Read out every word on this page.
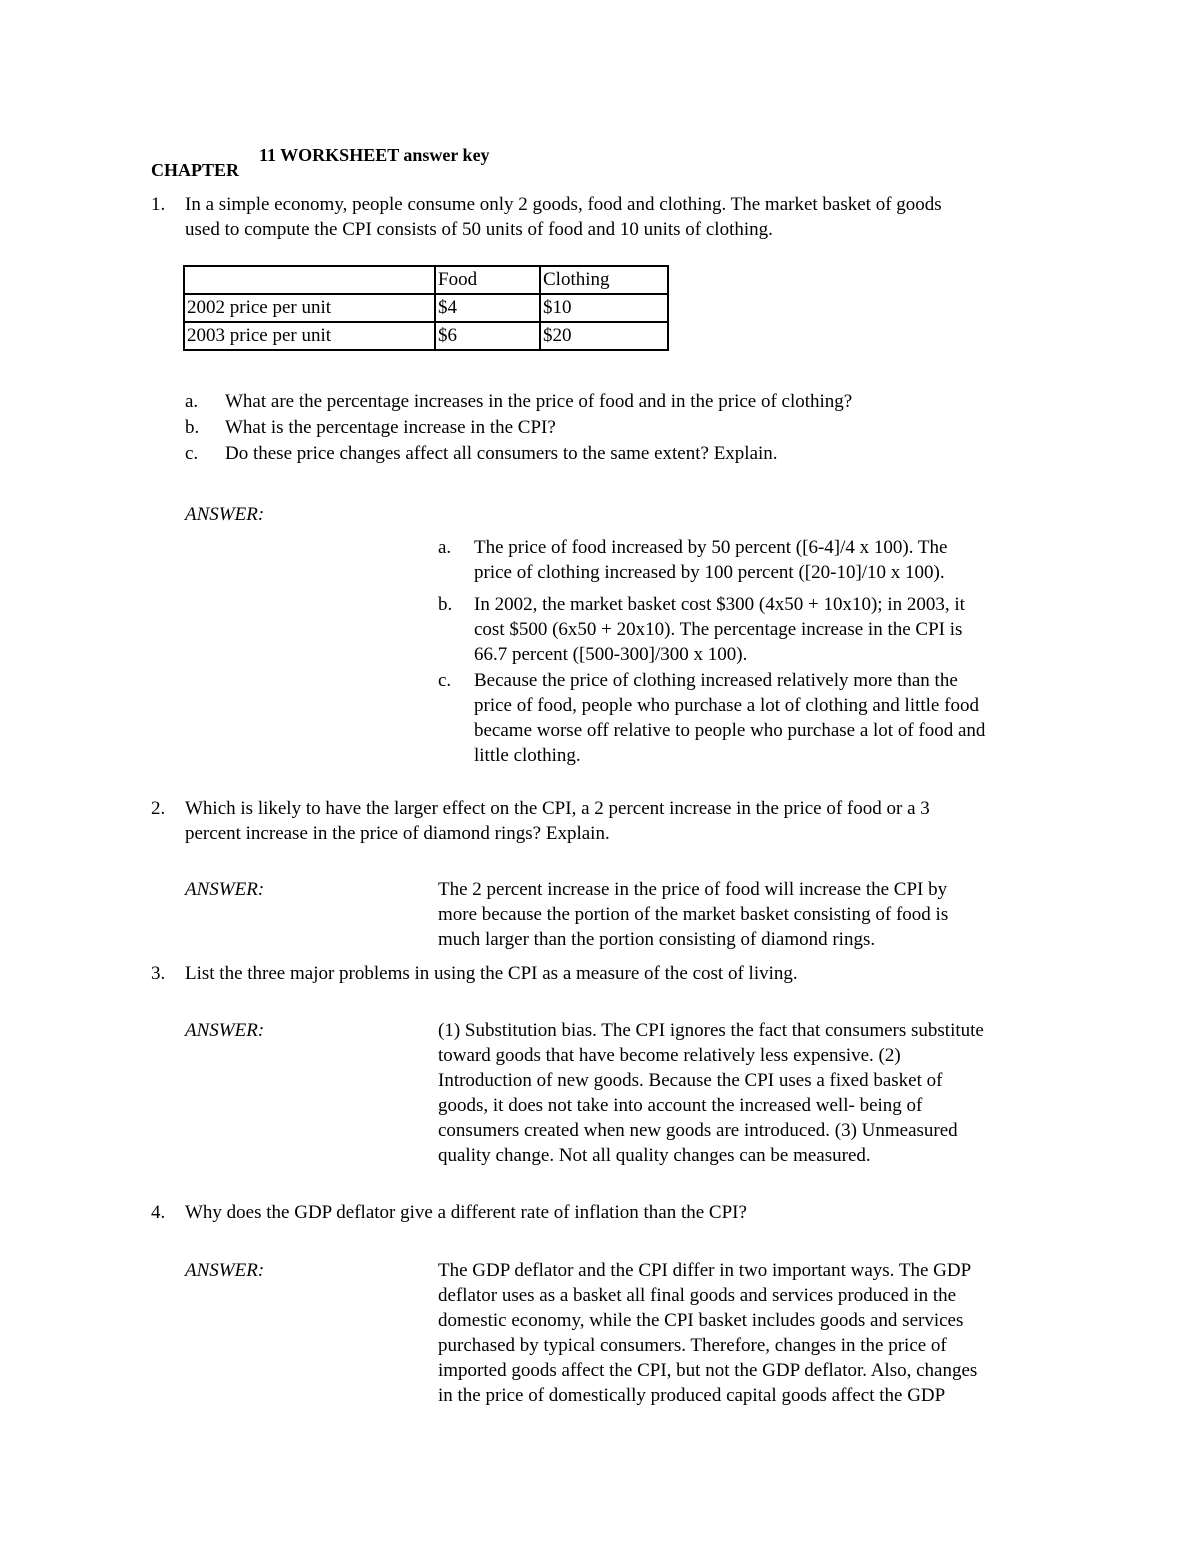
CHAPTER
11 WORKSHEET answer key
1.	In a simple economy, people consume only 2 goods, food and clothing. The market basket of goods
used to compute the CPI consists of 50 units of food and 10 units of clothing.
	Food	Clothing
2002 price per unit	$4	$10
2003 price per unit	$6	$20
a.	What are the percentage increases in the price of food and in the price of clothing?
b.	What is the percentage increase in the CPI?
c.	Do these price changes affect all consumers to the same extent? Explain.
ANSWER:
a.	The price of food increased by 50 percent ([6-4]/4 x 100). The
price of clothing increased by 100 percent ([20-10]/10 x 100).
b.	In 2002, the market basket cost $300 (4x50 + 10x10); in 2003, it
cost $500 (6x50 + 20x10). The percentage increase in the CPI is
66.7 percent ([500-300]/300 x 100).
c.	Because the price of clothing increased relatively more than the
price of food, people who purchase a lot of clothing and little food
became worse off relative to people who purchase a lot of food and
little clothing.
2.	Which is likely to have the larger effect on the CPI, a 2 percent increase in the price of food or a 3
percent increase in the price of diamond rings? Explain.
ANSWER:	The 2 percent increase in the price of food will increase the CPI by
more because the portion of the market basket consisting of food is
much larger than the portion consisting of diamond rings.
3.	List the three major problems in using the CPI as a measure of the cost of living.
ANSWER:	(1) Substitution bias. The CPI ignores the fact that consumers substitute
toward goods that have become relatively less expensive. (2)
Introduction of new goods. Because the CPI uses a fixed basket of
goods, it does not take into account the increased well- being of
consumers created when new goods are introduced. (3) Unmeasured
quality change. Not all quality changes can be measured.
4.	Why does the GDP deflator give a different rate of inflation than the CPI?
ANSWER:	The GDP deflator and the CPI differ in two important ways. The GDP
deflator uses as a basket all final goods and services produced in the
domestic economy, while the CPI basket includes goods and services
purchased by typical consumers. Therefore, changes in the price of
imported goods affect the CPI, but not the GDP deflator. Also, changes
in the price of domestically produced capital goods affect the GDP
